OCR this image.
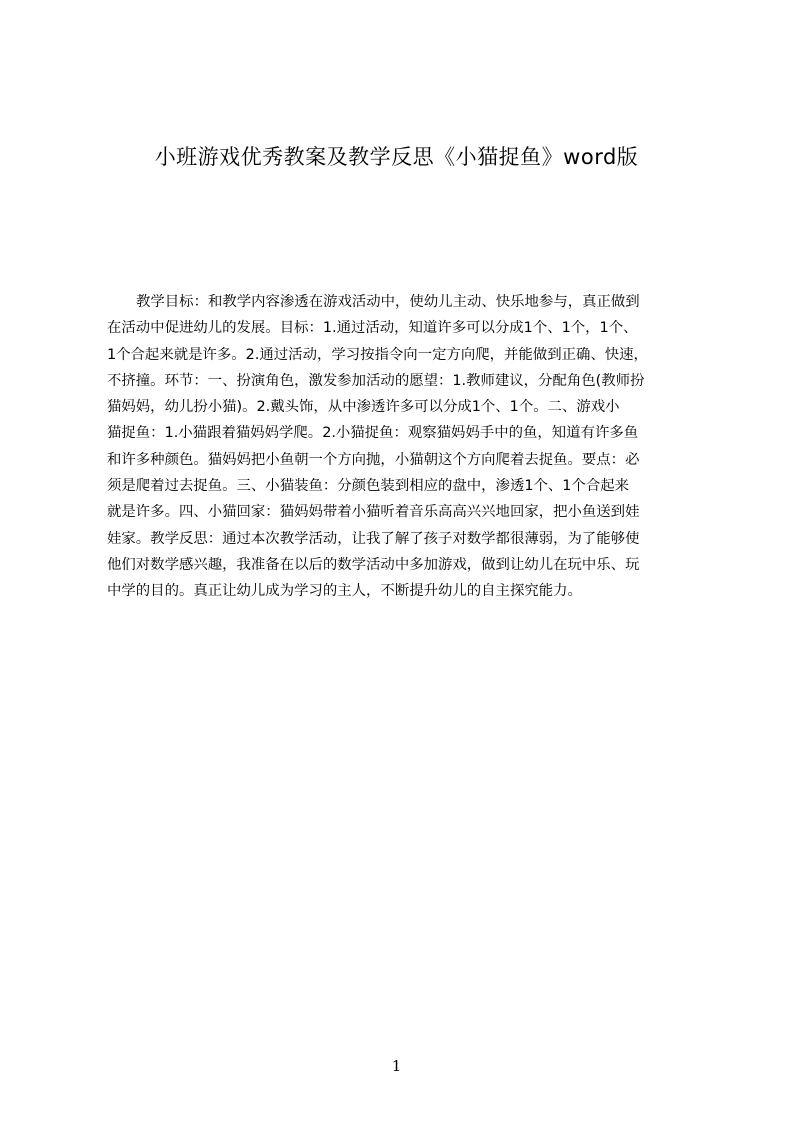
小班游戏优秀教案及教学反思《小猫捉鱼》word版
教学目标：和教学内容渗透在游戏活动中，使幼儿主动、快乐地参与，真正做到
在活动中促进幼儿的发展。目标：1.通过活动，知道许多可以分成1个、1个，1个、
1个合起来就是许多。2.通过活动，学习按指令向一定方向爬，并能做到正确、快速，
不挤撞。环节：一、扮演角色，激发参加活动的愿望：1.教师建议，分配角色(教师扮
猫妈妈，幼儿扮小猫)。2.戴头饰，从中渗透许多可以分成1个、1个。二、游戏小
猫捉鱼：1.小猫跟着猫妈妈学爬。2.小猫捉鱼：观察猫妈妈手中的鱼，知道有许多鱼
和许多种颜色。猫妈妈把小鱼朝一个方向抛，小猫朝这个方向爬着去捉鱼。要点：必
须是爬着过去捉鱼。三、小猫装鱼：分颜色装到相应的盘中，渗透1个、1个合起来
就是许多。四、小猫回家：猫妈妈带着小猫听着音乐高高兴兴地回家，把小鱼送到娃
娃家。教学反思：通过本次教学活动，让我了解了孩子对数学都很薄弱，为了能够使
他们对数学感兴趣，我准备在以后的数学活动中多加游戏，做到让幼儿在玩中乐、玩
中学的目的。真正让幼儿成为学习的主人，不断提升幼儿的自主探究能力。
1
